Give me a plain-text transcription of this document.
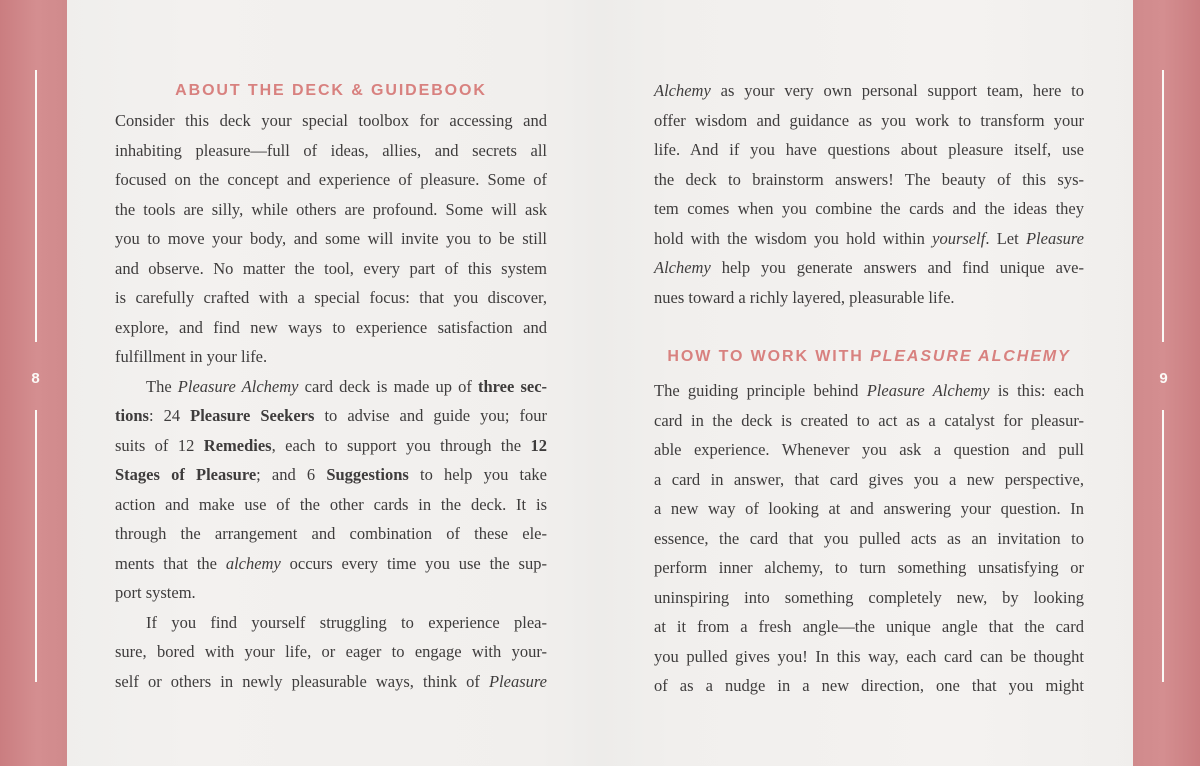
8	9
ABOUT THE DECK & GUIDEBOOK
Consider this deck your special toolbox for accessing and
inhabiting pleasure—full of ideas, allies, and secrets all
focused on the concept and experience of pleasure. Some of
the tools are silly, while others are profound. Some will ask
you to move your body, and some will invite you to be still
and observe. No matter the tool, every part of this system
is carefully crafted with a special focus: that you discover,
explore, and find new ways to experience satisfaction and
fulfillment in your life.
The Pleasure Alchemy card deck is made up of three sec-
tions: 24 Pleasure Seekers to advise and guide you; four
suits of 12 Remedies, each to support you through the 12
Stages of Pleasure; and 6 Suggestions to help you take
action and make use of the other cards in the deck. It is
through the arrangement and combination of these ele-
ments that the alchemy occurs every time you use the sup-
port system.
If you find yourself struggling to experience plea-
sure, bored with your life, or eager to engage with your-
self or others in newly pleasurable ways, think of Pleasure
Alchemy as your very own personal support team, here to
offer wisdom and guidance as you work to transform your
life. And if you have questions about pleasure itself, use
the deck to brainstorm answers! The beauty of this sys-
tem comes when you combine the cards and the ideas they
hold with the wisdom you hold within yourself. Let Pleasure
Alchemy help you generate answers and find unique ave-
nues toward a richly layered, pleasurable life.
HOW TO WORK WITH PLEASURE ALCHEMY
The guiding principle behind Pleasure Alchemy is this: each
card in the deck is created to act as a catalyst for pleasur-
able experience. Whenever you ask a question and pull
a card in answer, that card gives you a new perspective,
a new way of looking at and answering your question. In
essence, the card that you pulled acts as an invitation to
perform inner alchemy, to turn something unsatisfying or
uninspiring into something completely new, by looking
at it from a fresh angle—the unique angle that the card
you pulled gives you! In this way, each card can be thought
of as a nudge in a new direction, one that you might
